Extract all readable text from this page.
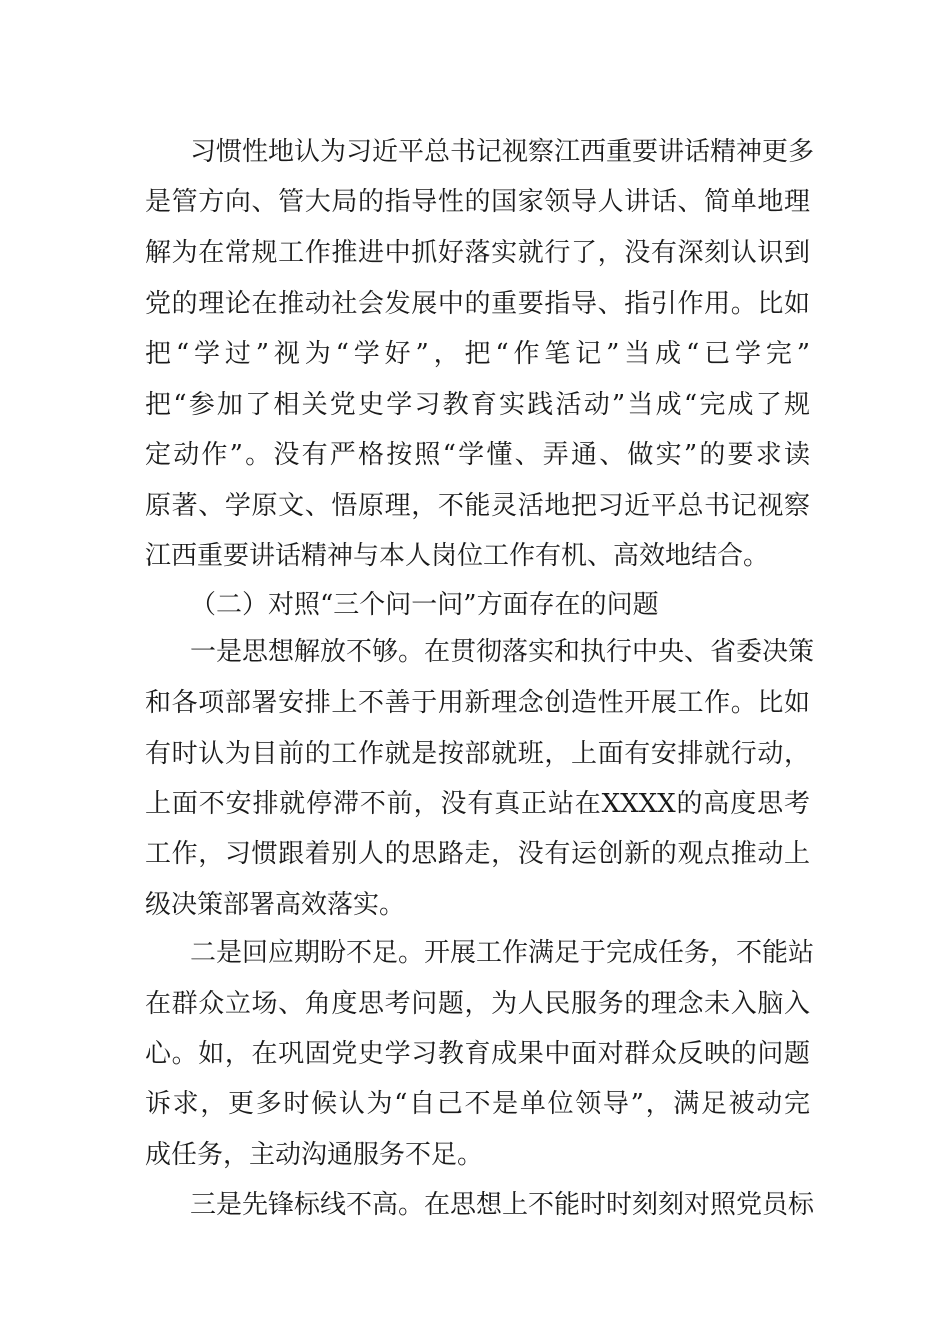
习惯性地认为习近平总书记视察江西重要讲话精神更多
是管方向、管大局的指导性的国家领导人讲话、简单地理
解为在常规工作推进中抓好落实就行了，没有深刻认识到
党的理论在推动社会发展中的重要指导、指引作用。比如
把“学过”视为“学好”，把“作笔记”当成“已学完”
把“参加了相关党史学习教育实践活动”当成“完成了规
定动作”。没有严格按照“学懂、弄通、做实”的要求读
原著、学原文、悟原理，不能灵活地把习近平总书记视察
江西重要讲话精神与本人岗位工作有机、高效地结合。
（二）对照“三个问一问”方面存在的问题
一是思想解放不够。在贯彻落实和执行中央、省委决策
和各项部署安排上不善于用新理念创造性开展工作。比如
有时认为目前的工作就是按部就班，上面有安排就行动，
上面不安排就停滞不前，没有真正站在XXXX的高度思考
工作，习惯跟着别人的思路走，没有运创新的观点推动上
级决策部署高效落实。
二是回应期盼不足。开展工作满足于完成任务，不能站
在群众立场、角度思考问题，为人民服务的理念未入脑入
心。如，在巩固党史学习教育成果中面对群众反映的问题
诉求，更多时候认为“自己不是单位领导”，满足被动完
成任务，主动沟通服务不足。
三是先锋标线不高。在思想上不能时时刻刻对照党员标
